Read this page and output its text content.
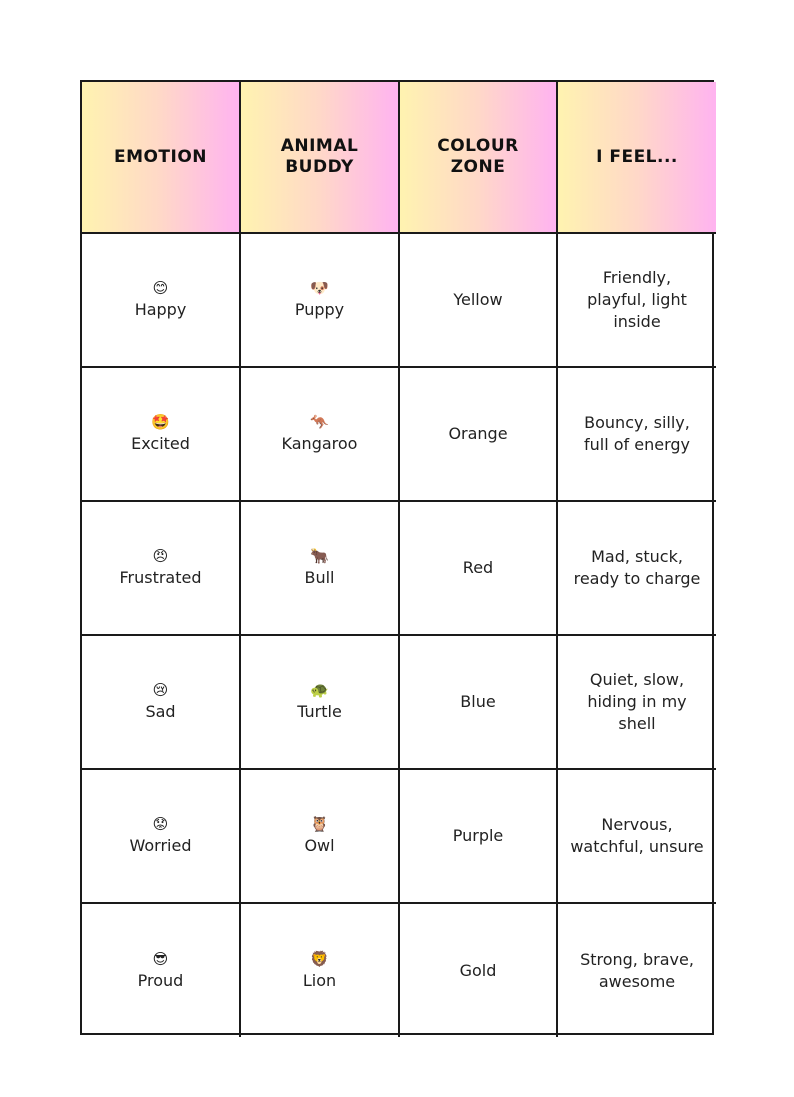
EMOTION
ANIMAL BUDDY
COLOUR ZONE
I FEEL...
😊
Happy
🐶
Puppy
Yellow
Friendly, playful, light inside
🤩
Excited
🦘
Kangaroo
Orange
Bouncy, silly, full of energy
😠
Frustrated
🐂
Bull
Red
Mad, stuck, ready to charge
😢
Sad
🐢
Turtle
Blue
Quiet, slow, hiding in my shell
😟
Worried
🦉
Owl
Purple
Nervous, watchful, unsure
😎
Proud
🦁
Lion
Gold
Strong, brave, awesome
